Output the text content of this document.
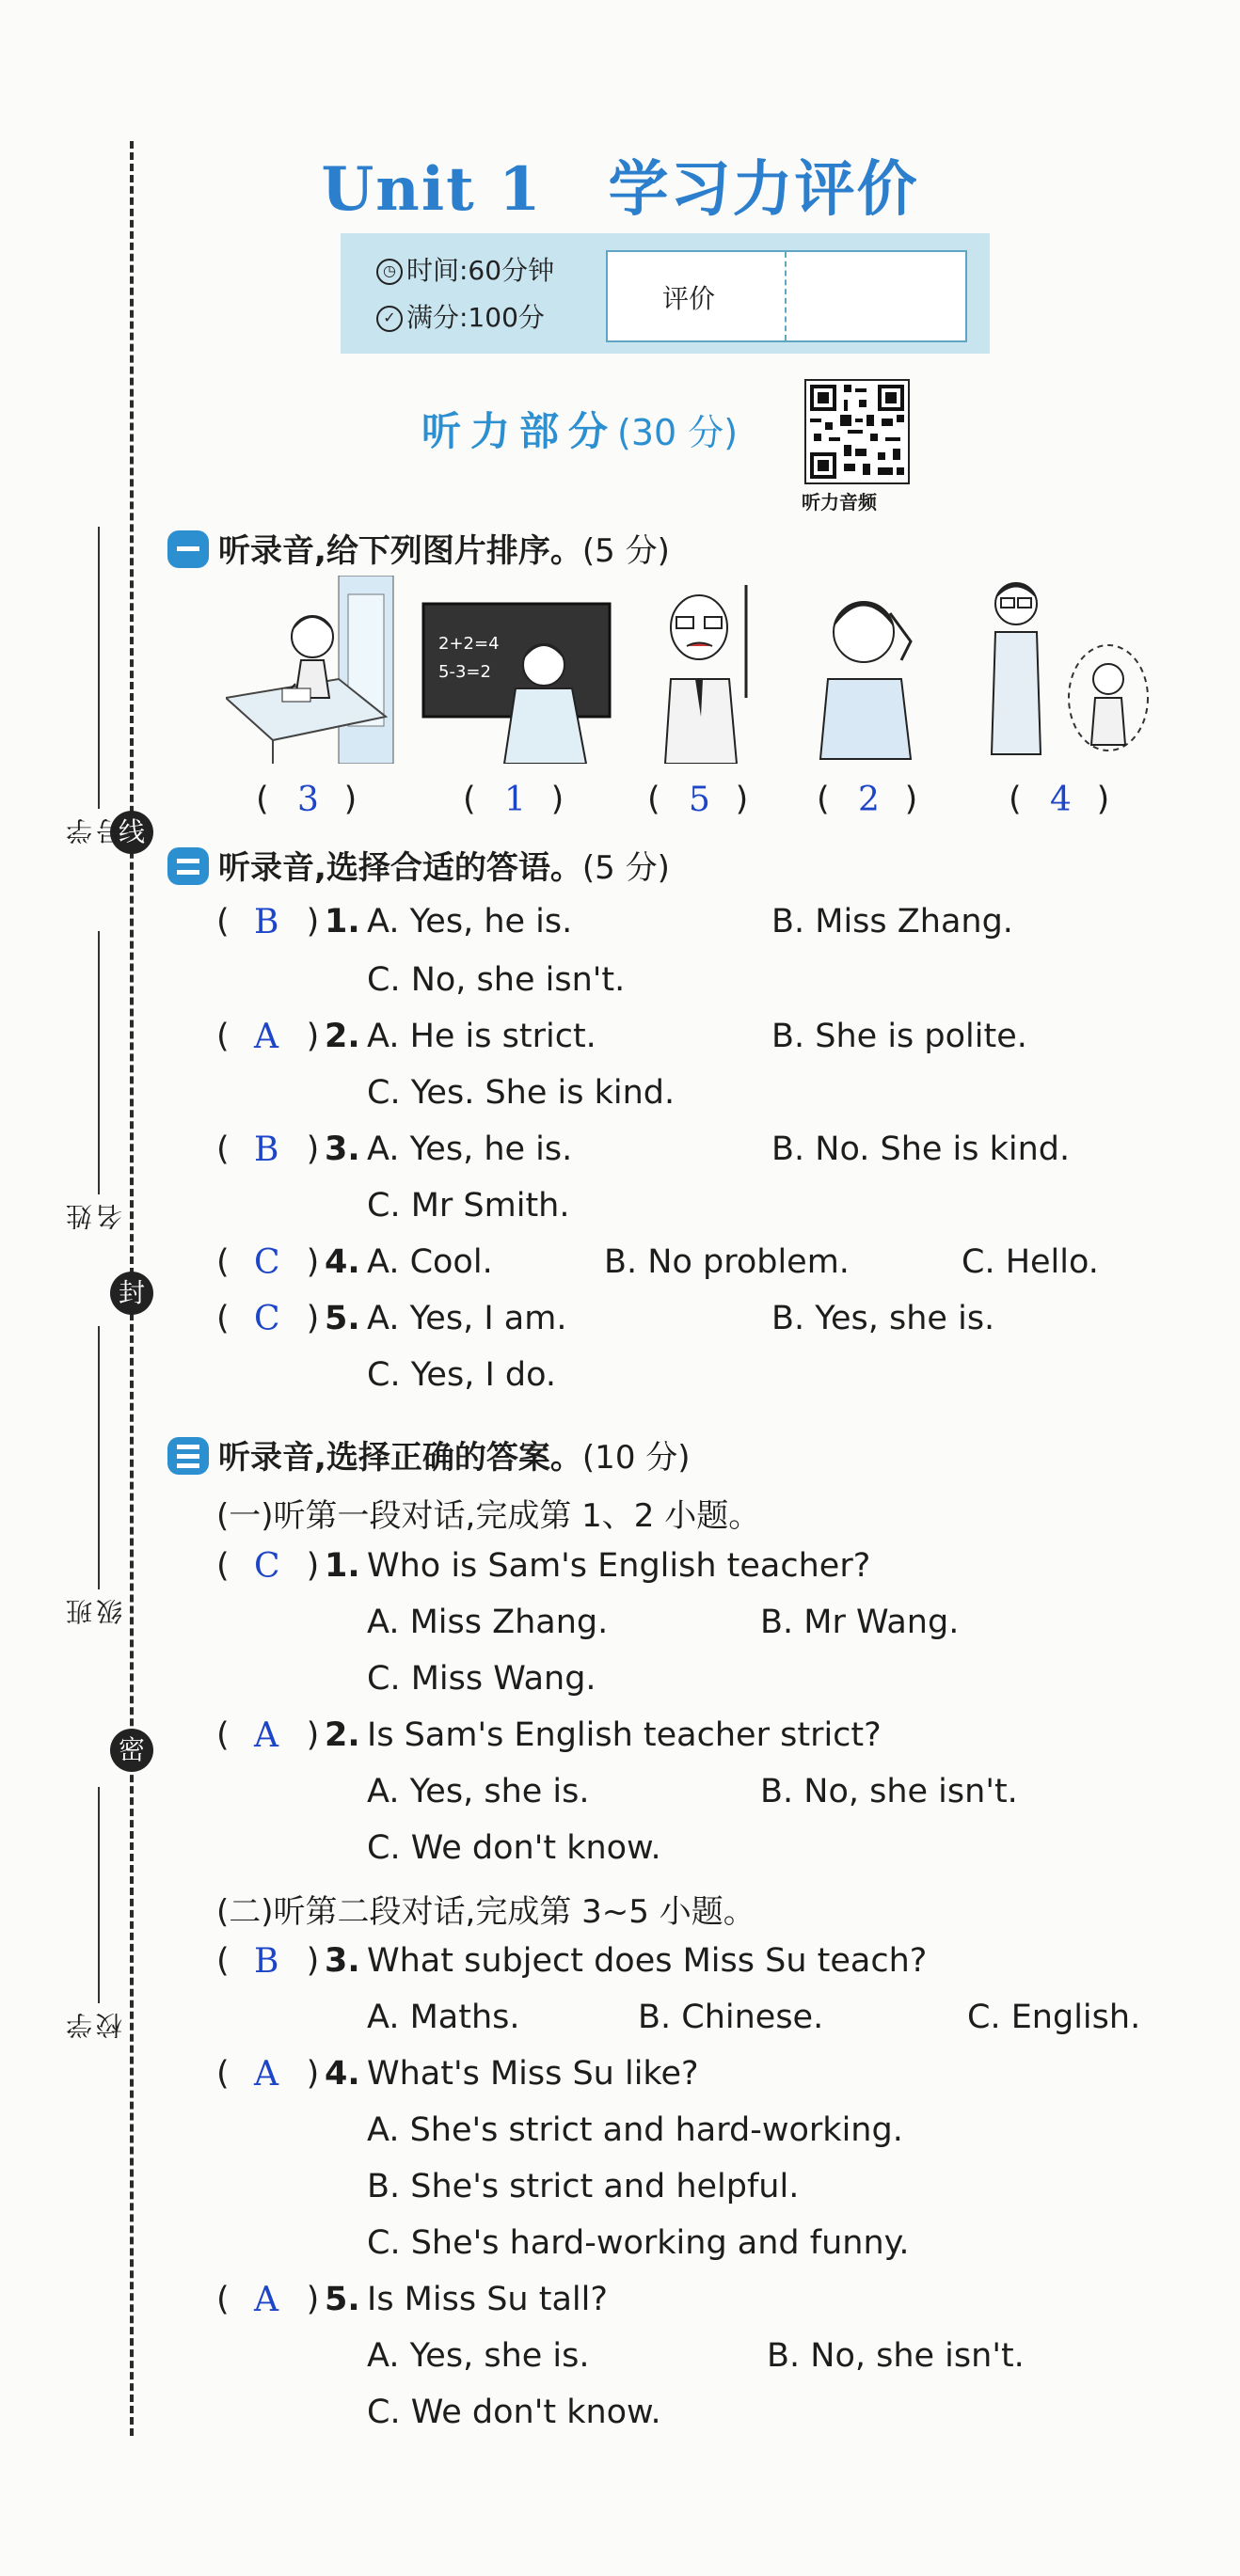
线
封
密
学号
姓名
班级
学校
Unit 1 学习力评价
◷ 时间:60分钟
✓ 满分:100分
评价
听力部分(30 分)
听力音频
听录音,给下列图片排序。(5 分)
2+2=4
5-3=2
( )
3	( )
1	( )
5	( )
2	( )
4
听录音,选择合适的答语。(5 分)
( )
B 1. A. Yes, he is.	B. Miss Zhang.
C. No, she isn't.
( )
A 2. A. He is strict.	B. She is polite.
C. Yes. She is kind.
( )
B 3. A. Yes, he is.	B. No. She is kind.
C. Mr Smith.
( )
C 4. A. Cool.	B. No problem.	C. Hello.
( )
C 5. A. Yes, I am.	B. Yes, she is.
C. Yes, I do.
听录音,选择正确的答案。(10 分)
(一)听第一段对话,完成第 1、2 小题。
( )
C 1. Who is Sam's English teacher?
A. Miss Zhang.	B. Mr Wang.
C. Miss Wang.
( )
A 2. Is Sam's English teacher strict?
A. Yes, she is.	B. No, she isn't.
C. We don't know.
(二)听第二段对话,完成第 3~5 小题。
( )
B 3. What subject does Miss Su teach?
A. Maths.	B. Chinese.	C. English.
( )
A 4. What's Miss Su like?
A. She's strict and hard-working.
B. She's strict and helpful.
C. She's hard-working and funny.
( )
A 5. Is Miss Su tall?
A. Yes, she is.	B. No, she isn't.
C. We don't know.
